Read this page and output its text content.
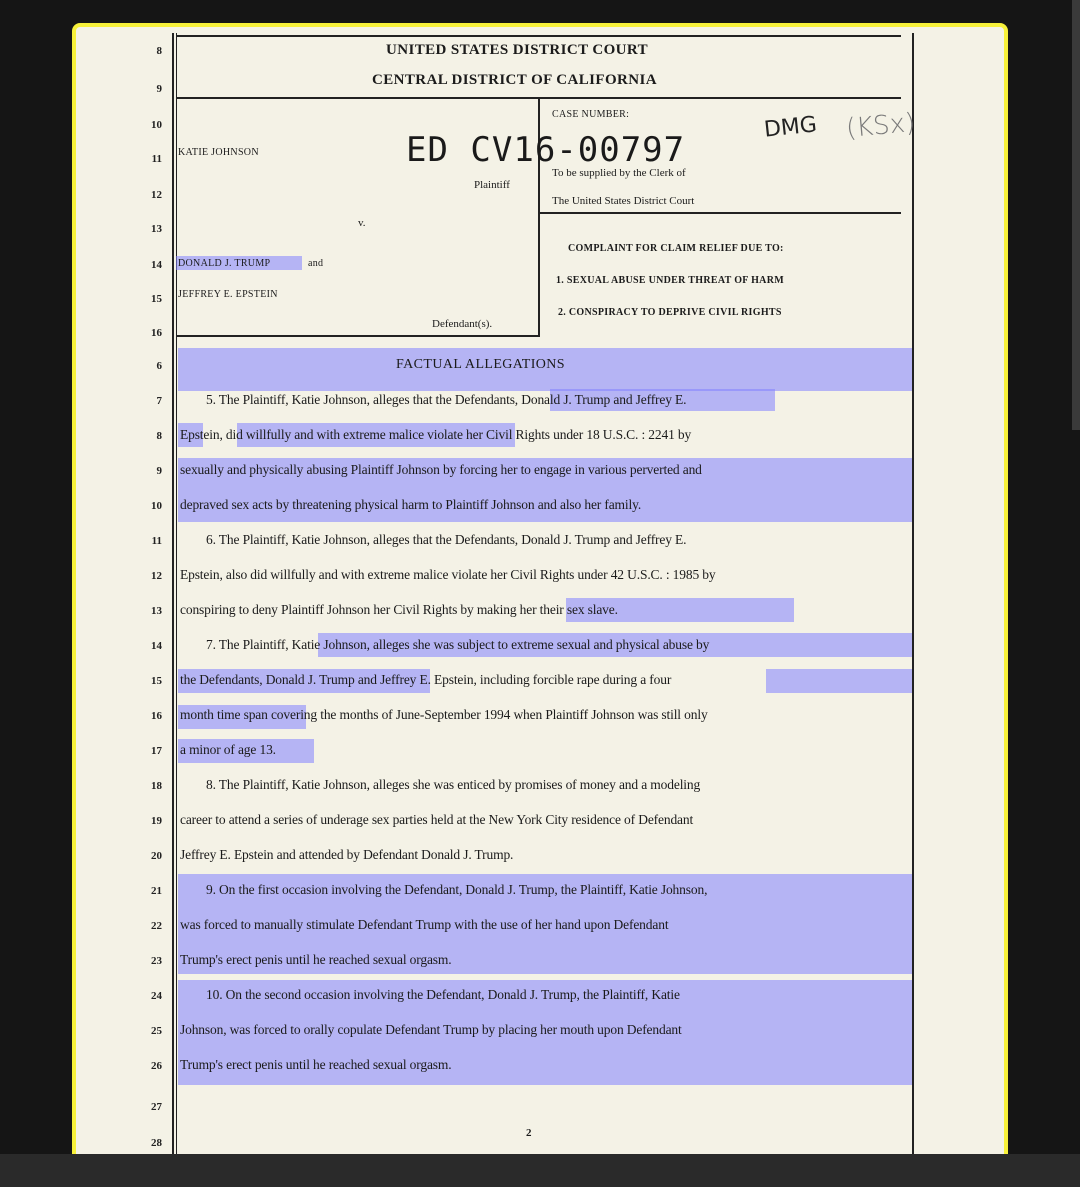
8
9
10
11
12
13
14
15
16
UNITED STATES DISTRICT COURT
CENTRAL DISTRICT OF CALIFORNIA
KATIE JOHNSON
Plaintiff
v.
DONALD J. TRUMP	and
JEFFREY E. EPSTEIN
Defendant(s).
CASE NUMBER:
ED CV16-00797
DMG (KSx)
To be supplied by the Clerk of
The United States District Court
COMPLAINT FOR CLAIM RELIEF DUE TO:
1. SEXUAL ABUSE UNDER THREAT OF HARM
2. CONSPIRACY TO DEPRIVE CIVIL RIGHTS
6
7
8
9
10
11
12
13
14
15
16
17
18
19
20
21
22
23
24
25
26
27
28
FACTUAL ALLEGATIONS
5. The Plaintiff, Katie Johnson, alleges that the Defendants, Donald J. Trump and Jeffrey E.
Epstein, did willfully and with extreme malice violate her Civil Rights under 18 U.S.C. : 2241 by
sexually and physically abusing Plaintiff Johnson by forcing her to engage in various perverted and
depraved sex acts by threatening physical harm to Plaintiff Johnson and also her family.
6. The Plaintiff, Katie Johnson, alleges that the Defendants, Donald J. Trump and Jeffrey E.
Epstein, also did willfully and with extreme malice violate her Civil Rights under 42 U.S.C. : 1985 by
conspiring to deny Plaintiff Johnson her Civil Rights by making her their sex slave.
7. The Plaintiff, Katie Johnson, alleges she was subject to extreme sexual and physical abuse by
the Defendants, Donald J. Trump and Jeffrey E. Epstein, including forcible rape during a four
month time span covering the months of June-September 1994 when Plaintiff Johnson was still only
a minor of age 13.
8. The Plaintiff, Katie Johnson, alleges she was enticed by promises of money and a modeling
career to attend a series of underage sex parties held at the New York City residence of Defendant
Jeffrey E. Epstein and attended by Defendant Donald J. Trump.
9. On the first occasion involving the Defendant, Donald J. Trump, the Plaintiff, Katie Johnson,
was forced to manually stimulate Defendant Trump with the use of her hand upon Defendant
Trump's erect penis until he reached sexual orgasm.
10. On the second occasion involving the Defendant, Donald J. Trump, the Plaintiff, Katie
Johnson, was forced to orally copulate Defendant Trump by placing her mouth upon Defendant
Trump's erect penis until he reached sexual orgasm.
2
